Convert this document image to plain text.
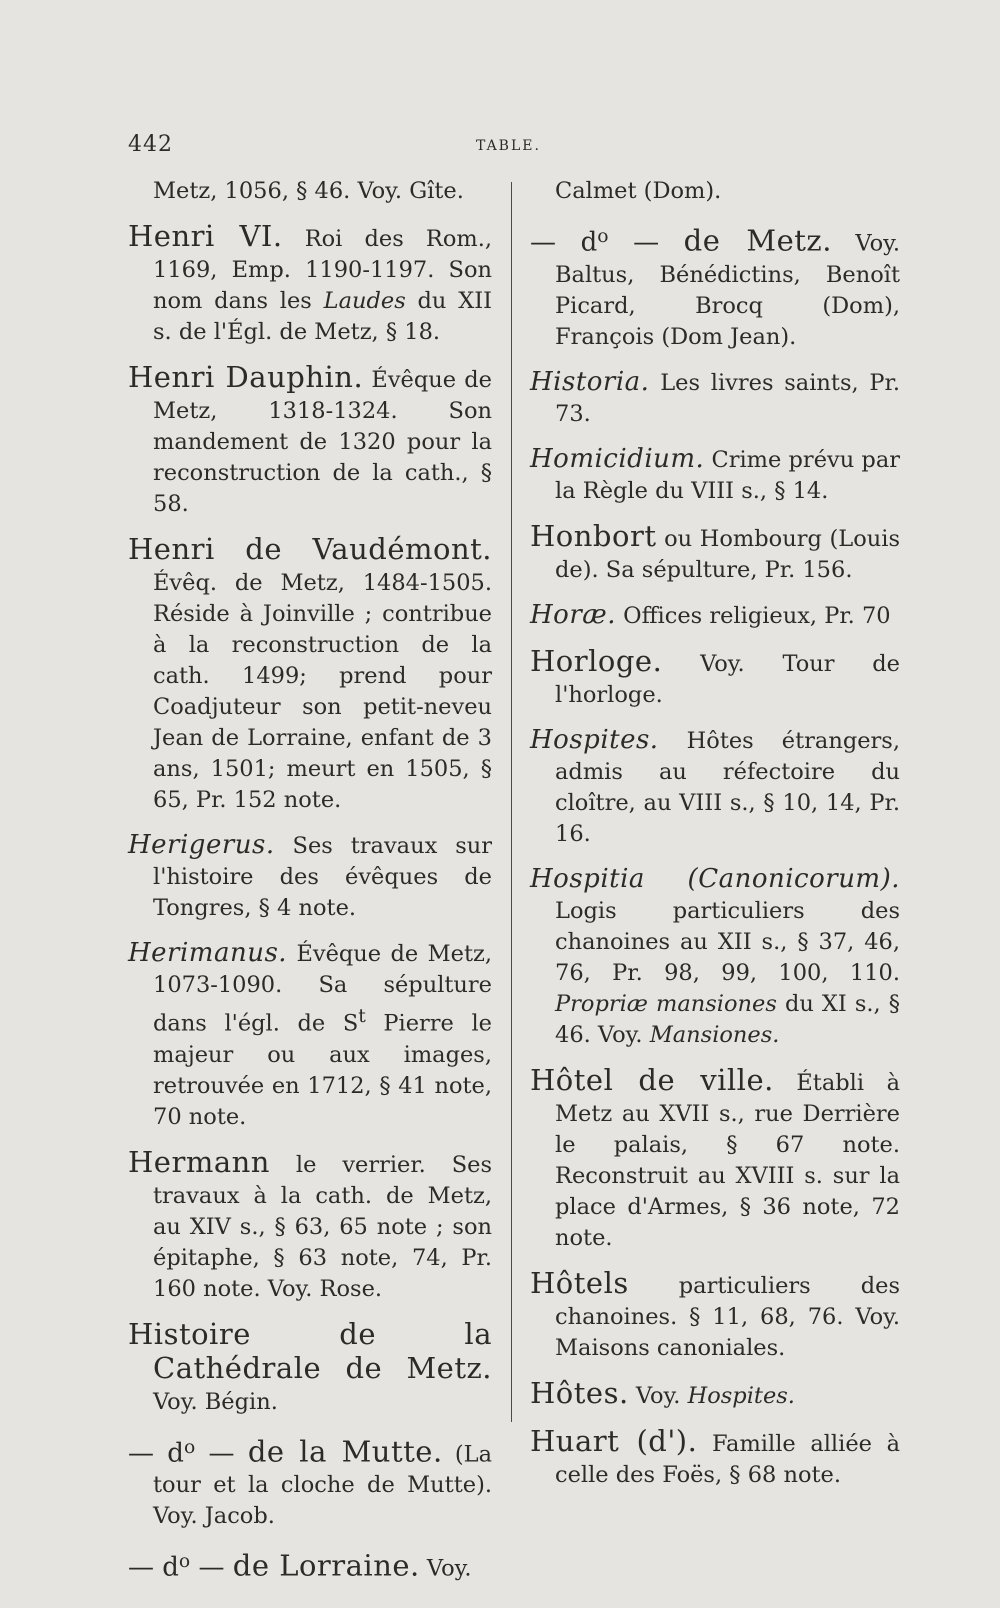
442	TABLE.

Metz, 1056, § 46. Voy. Gîte.

Henri VI. Roi des Rom., 1169, Emp. 1190-1197. Son nom dans les Laudes du XII s. de l'Égl. de Metz, § 18.

Henri Dauphin. Évêque de Metz, 1318-1324. Son mandement de 1320 pour la reconstruction de la cath., § 58.

Henri de Vaudémont. Évêq. de Metz, 1484-1505. Réside à Joinville ; contribue à la reconstruction de la cath. 1499; prend pour Coadjuteur son petit-neveu Jean de Lorraine, enfant de 3 ans, 1501; meurt en 1505, § 65, Pr. 152 note.

Herigerus. Ses travaux sur l'histoire des évêques de Tongres, § 4 note.

Herimanus. Évêque de Metz, 1073-1090. Sa sépulture dans l'égl. de $S^t$ Pierre le majeur ou aux images, retrouvée en 1712, § 41 note, 70 note.

Hermann le verrier. Ses travaux à la cath. de Metz, au XIV s., § 63, 65 note ; son épitaphe, § 63 note, 74, Pr. 160 note. Voy. Rose.

Histoire de la Cathédrale de Metz. Voy. Bégin.

— $d^o$ — de la Mutte. (La tour et la cloche de Mutte). Voy. Jacob.

— $d^o$ — de Lorraine. Voy.

Calmet (Dom).

— $d^o$ — de Metz. Voy. Baltus, Bénédictins, Benoît Picard, Brocq (Dom), François (Dom Jean).

Historia. Les livres saints, Pr. 73.

Homicidium. Crime prévu par la Règle du VIII s., § 14.

Honbort ou Hombourg (Louis de). Sa sépulture, Pr. 156.

Horæ. Offices religieux, Pr. 70

Horloge. Voy. Tour de l'horloge.

Hospites. Hôtes étrangers, admis au réfectoire du cloître, au VIII s., § 10, 14, Pr. 16.

Hospitia (Canonicorum). Logis particuliers des chanoines au XII s., § 37, 46, 76, Pr. 98, 99, 100, 110. Propriæ mansiones du XI s., § 46. Voy. Mansiones.

Hôtel de ville. Établi à Metz au XVII s., rue Derrière le palais, § 67 note. Reconstruit au XVIII s. sur la place d'Armes, § 36 note, 72 note.

Hôtels particuliers des chanoines. § 11, 68, 76. Voy. Maisons canoniales.

Hôtes. Voy. Hospites.

Huart (d'). Famille alliée à celle des Foës, § 68 note.
